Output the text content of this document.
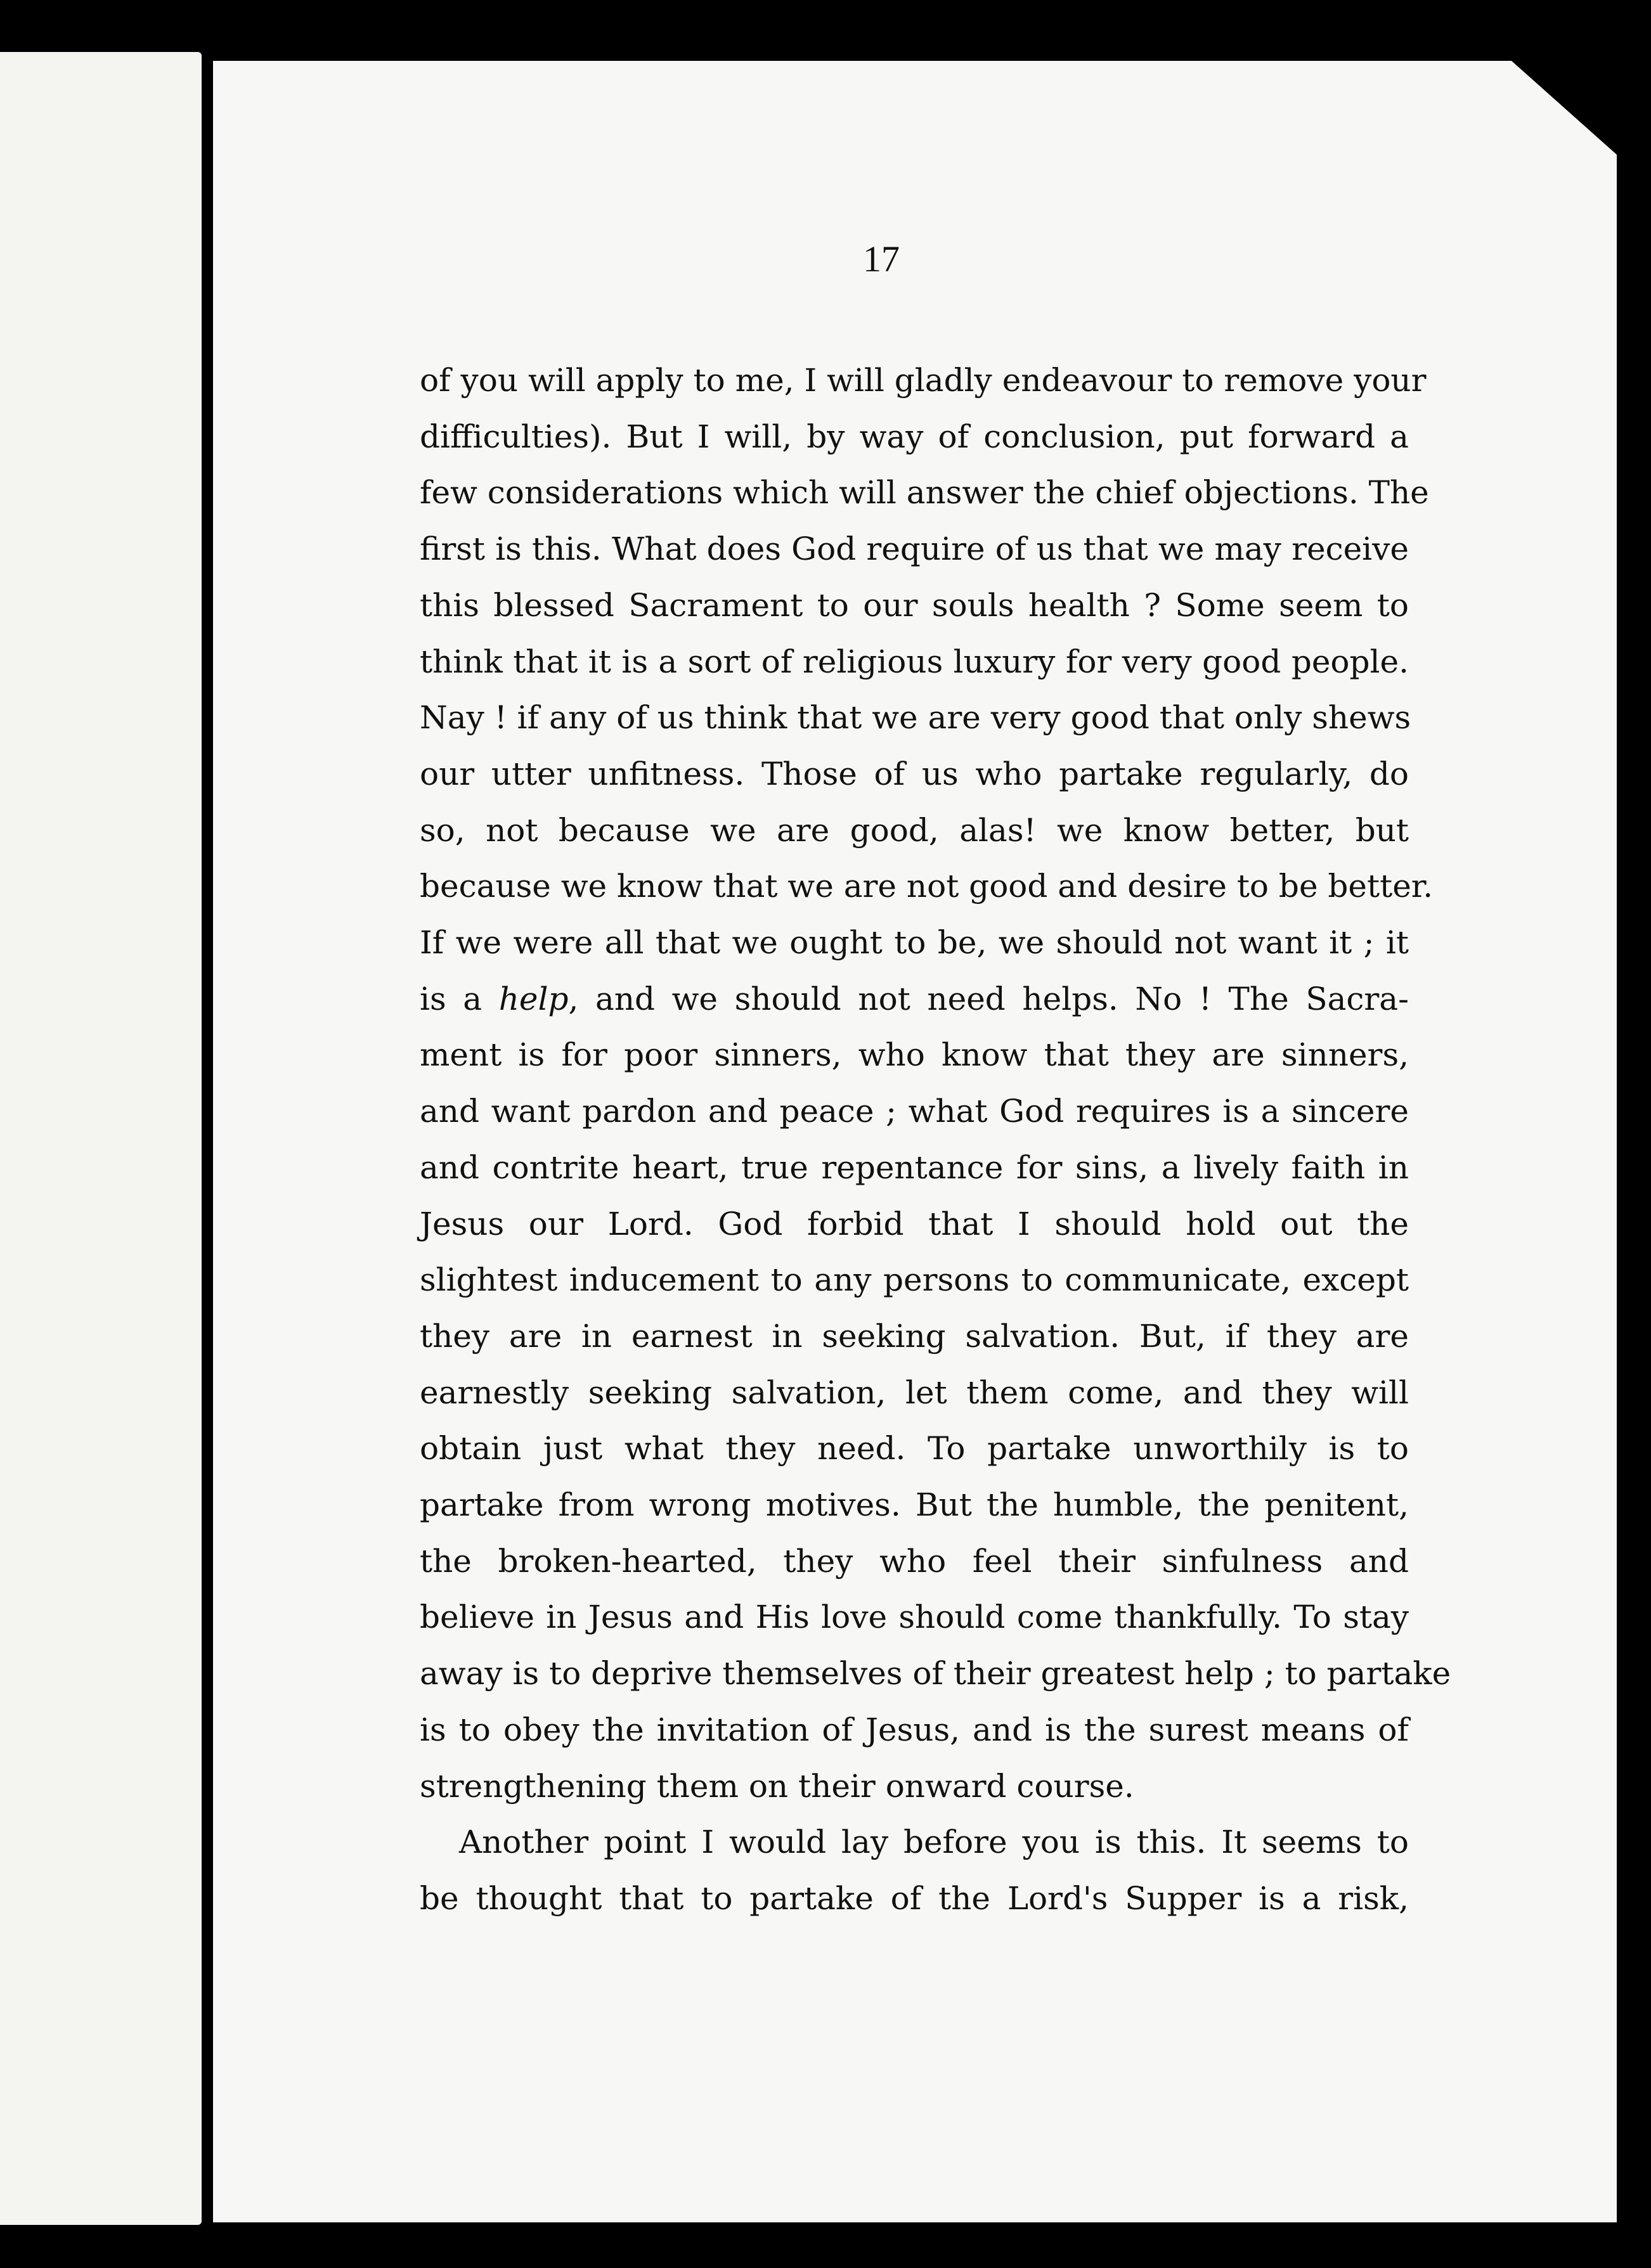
17
of you will apply to me, I will gladly endeavour to remove your
difficulties). But I will, by way of conclusion, put forward a
few considerations which will answer the chief objections. The
first is this. What does God require of us that we may receive
this blessed Sacrament to our souls health ? Some seem to
think that it is a sort of religious luxury for very good people.
Nay ! if any of us think that we are very good that only shews
our utter unfitness. Those of us who partake regularly, do
so, not because we are good, alas! we know better, but
because we know that we are not good and desire to be better.
If we were all that we ought to be, we should not want it ; it
is a help, and we should not need helps. No ! The Sacra-
ment is for poor sinners, who know that they are sinners,
and want pardon and peace ; what God requires is a sincere
and contrite heart, true repentance for sins, a lively faith in
Jesus our Lord. God forbid that I should hold out the
slightest inducement to any persons to communicate, except
they are in earnest in seeking salvation. But, if they are
earnestly seeking salvation, let them come, and they will
obtain just what they need. To partake unworthily is to
partake from wrong motives. But the humble, the penitent,
the broken-hearted, they who feel their sinfulness and
believe in Jesus and His love should come thankfully. To stay
away is to deprive themselves of their greatest help ; to partake
is to obey the invitation of Jesus, and is the surest means of
strengthening them on their onward course.
Another point I would lay before you is this. It seems to
be thought that to partake of the Lord's Supper is a risk,
